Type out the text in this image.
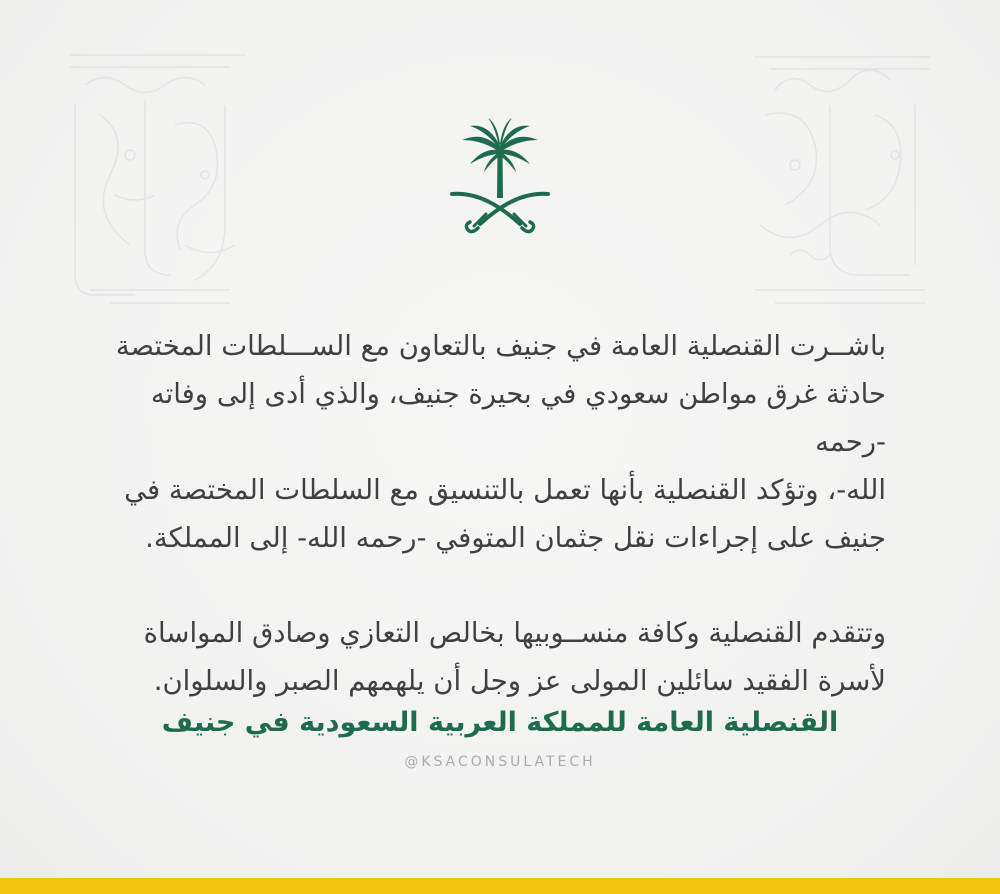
باشــرت القنصلية العامة في جنيف بالتعاون مع الســـلطات المختصة
حادثة غرق مواطن سعودي في بحيرة جنيف، والذي أدى إلى وفاته -رحمه
الله-، وتؤكد القنصلية بأنها تعمل بالتنسيق مع السلطات المختصة في
جنيف على إجراءات نقل جثمان المتوفي -رحمه الله- إلى المملكة.

وتتقدم القنصلية وكافة منســوبيها بخالص التعازي وصادق المواساة
لأسرة الفقيد سائلين المولى عز وجل أن يلهمهم الصبر والسلوان.

القنصلية العامة للمملكة العربية السعودية في جنيف
@KSACONSULATECH
